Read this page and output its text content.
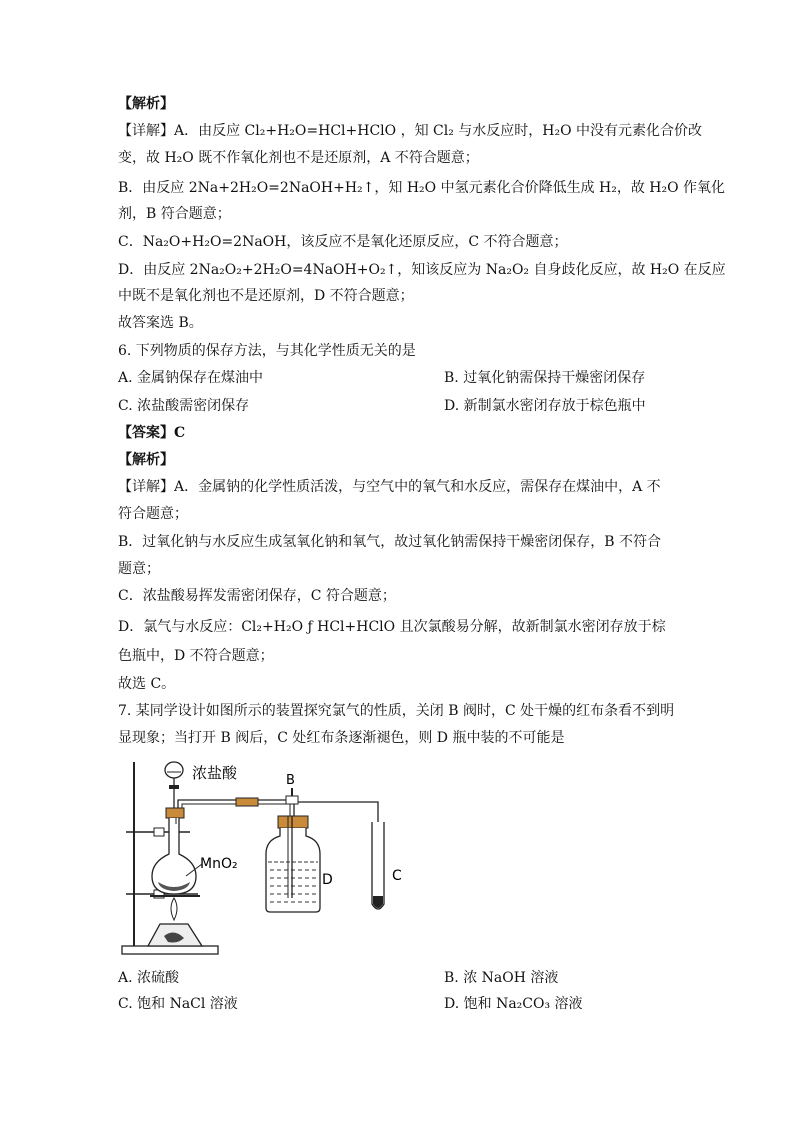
【解析】
【详解】A．由反应 Cl₂+H₂O=HCl+HClO ，知 Cl₂ 与水反应时，H₂O 中没有元素化合价改
变，故 H₂O 既不作氧化剂也不是还原剂，A 不符合题意；
B．由反应 2Na+2H₂O=2NaOH+H₂↑，知 H₂O 中氢元素化合价降低生成 H₂，故 H₂O 作氧化
剂，B 符合题意；
C．Na₂O+H₂O=2NaOH，该反应不是氧化还原反应，C 不符合题意；
D．由反应 2Na₂O₂+2H₂O=4NaOH+O₂↑，知该反应为 Na₂O₂ 自身歧化反应，故 H₂O 在反应
中既不是氧化剂也不是还原剂，D 不符合题意；
故答案选 B。
6. 下列物质的保存方法，与其化学性质无关的是
A. 金属钠保存在煤油中	B. 过氧化钠需保持干燥密闭保存
C. 浓盐酸需密闭保存	D. 新制氯水密闭存放于棕色瓶中
【答案】C
【解析】
【详解】A．金属钠的化学性质活泼，与空气中的氧气和水反应，需保存在煤油中，A 不
符合题意；
B．过氧化钠与水反应生成氢氧化钠和氧气，故过氧化钠需保持干燥密闭保存，B 不符合
题意；
C．浓盐酸易挥发需密闭保存，C 符合题意；
D．氯气与水反应：Cl₂+H₂O ƒ HCl+HClO 且次氯酸易分解，故新制氯水密闭存放于棕
色瓶中，D 不符合题意；
故选 C。
7. 某同学设计如图所示的装置探究氯气的性质，关闭 B 阀时，C 处干燥的红布条看不到明
显现象；当打开 B 阀后，C 处红布条逐渐褪色，则 D 瓶中装的不可能是
浓盐酸
MnO₂
B
D	C
A. 浓硫酸	B. 浓 NaOH 溶液
C. 饱和 NaCl 溶液	D. 饱和 Na₂CO₃ 溶液
